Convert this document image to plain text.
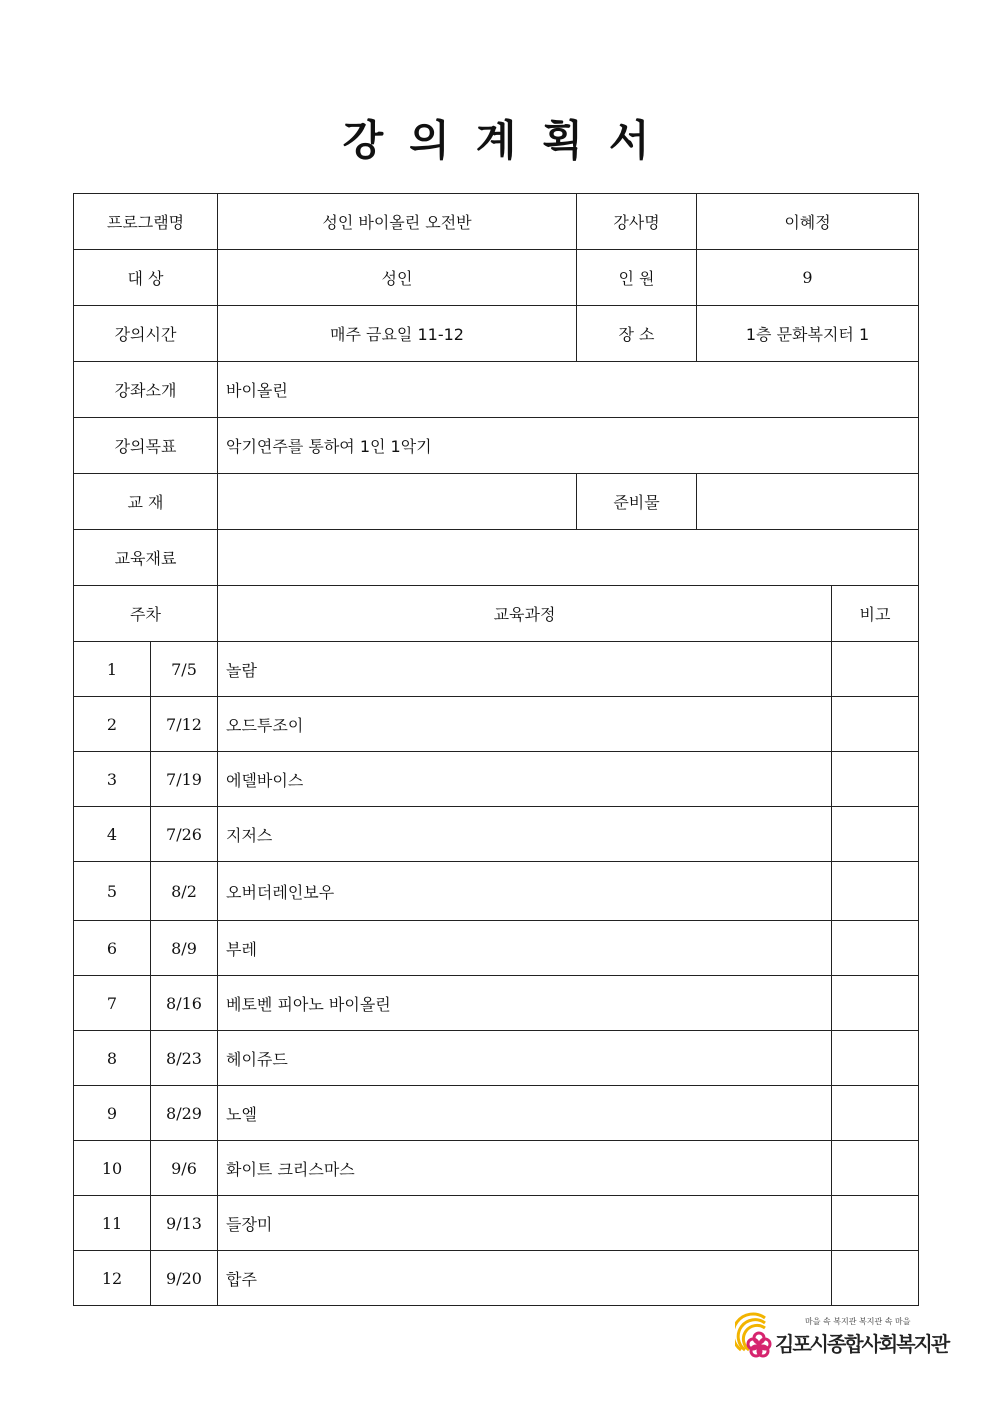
강의계획서
프로그램명		성인 바이올린 오전반	강사명 이혜정	

대 상		성인	인 원 9	

강의시간		매주 금요일 11-12	장 소 1층 문화복지터 1	

강좌소개		바이올린		
강의목표		악기연주를 통하여 1인 1악기		
교 재			준비물	

교육재료				
주차		교육과정		비고
1	7/5	놀람		
2	7/12	오드투조이		
3	7/19	에델바이스		
4	7/26	지저스		
5	8/2	오버더레인보우		
6	8/9	부레		
7	8/16	베토벤 피아노 바이올린		
8	8/23	헤이쥬드		
9	8/29	노엘		
10	9/6	화이트 크리스마스		
11	9/13	들장미		
12	9/20	합주		
마을 속 복지관 복지관 속 마을
김포시종합사회복지관
